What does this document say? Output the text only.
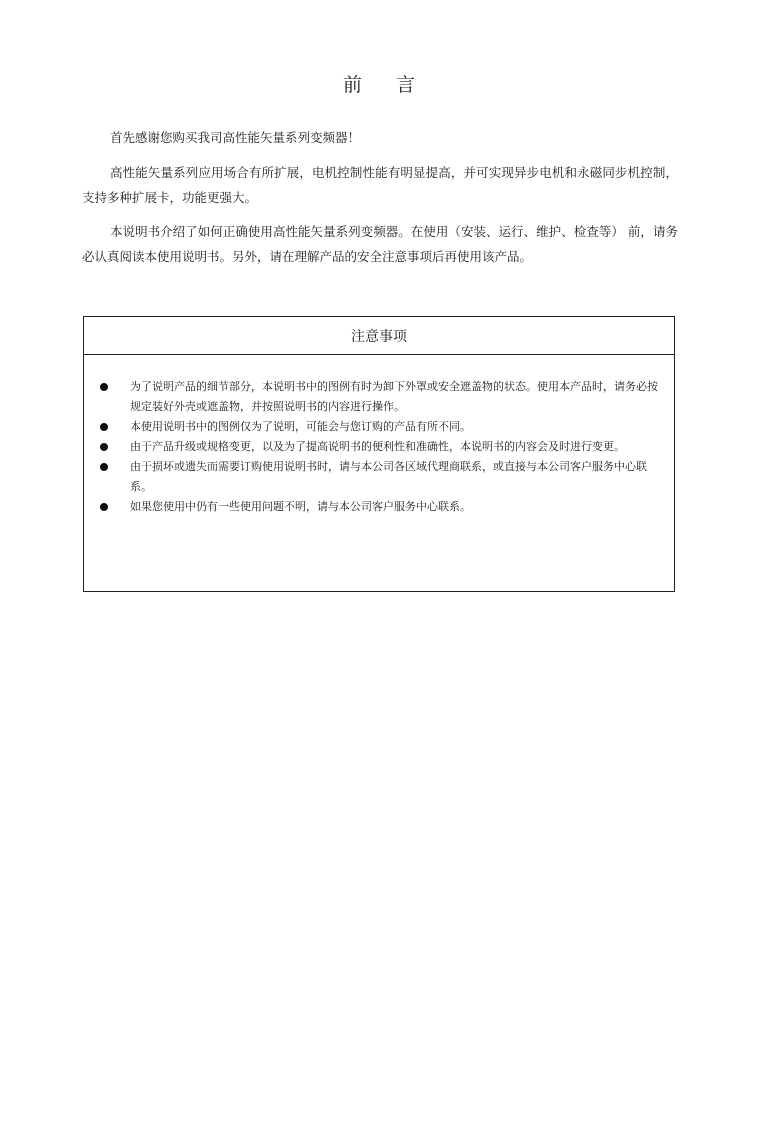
前 言

首先感谢您购买我司高性能矢量系列变频器！

高性能矢量系列应用场合有所扩展，电机控制性能有明显提高，并可实现异步电机和永磁同步机控制，支持多种扩展卡，功能更强大。

本说明书介绍了如何正确使用高性能矢量系列变频器。在使用（安装、运行、维护、检查等） 前，请务必认真阅读本使用说明书。另外，请在理解产品的安全注意事项后再使用该产品。

注意事项
为了说明产品的细节部分，本说明书中的图例有时为卸下外罩或安全遮盖物的状态。使用本产品时，请务必按规定装好外壳或遮盖物，并按照说明书的内容进行操作。
本使用说明书中的图例仅为了说明，可能会与您订购的产品有所不同。
由于产品升级或规格变更，以及为了提高说明书的便利性和准确性，本说明书的内容会及时进行变更。
由于损坏或遗失而需要订购使用说明书时，请与本公司各区域代理商联系，或直接与本公司客户服务中心联系。
如果您使用中仍有一些使用问题不明，请与本公司客户服务中心联系。
